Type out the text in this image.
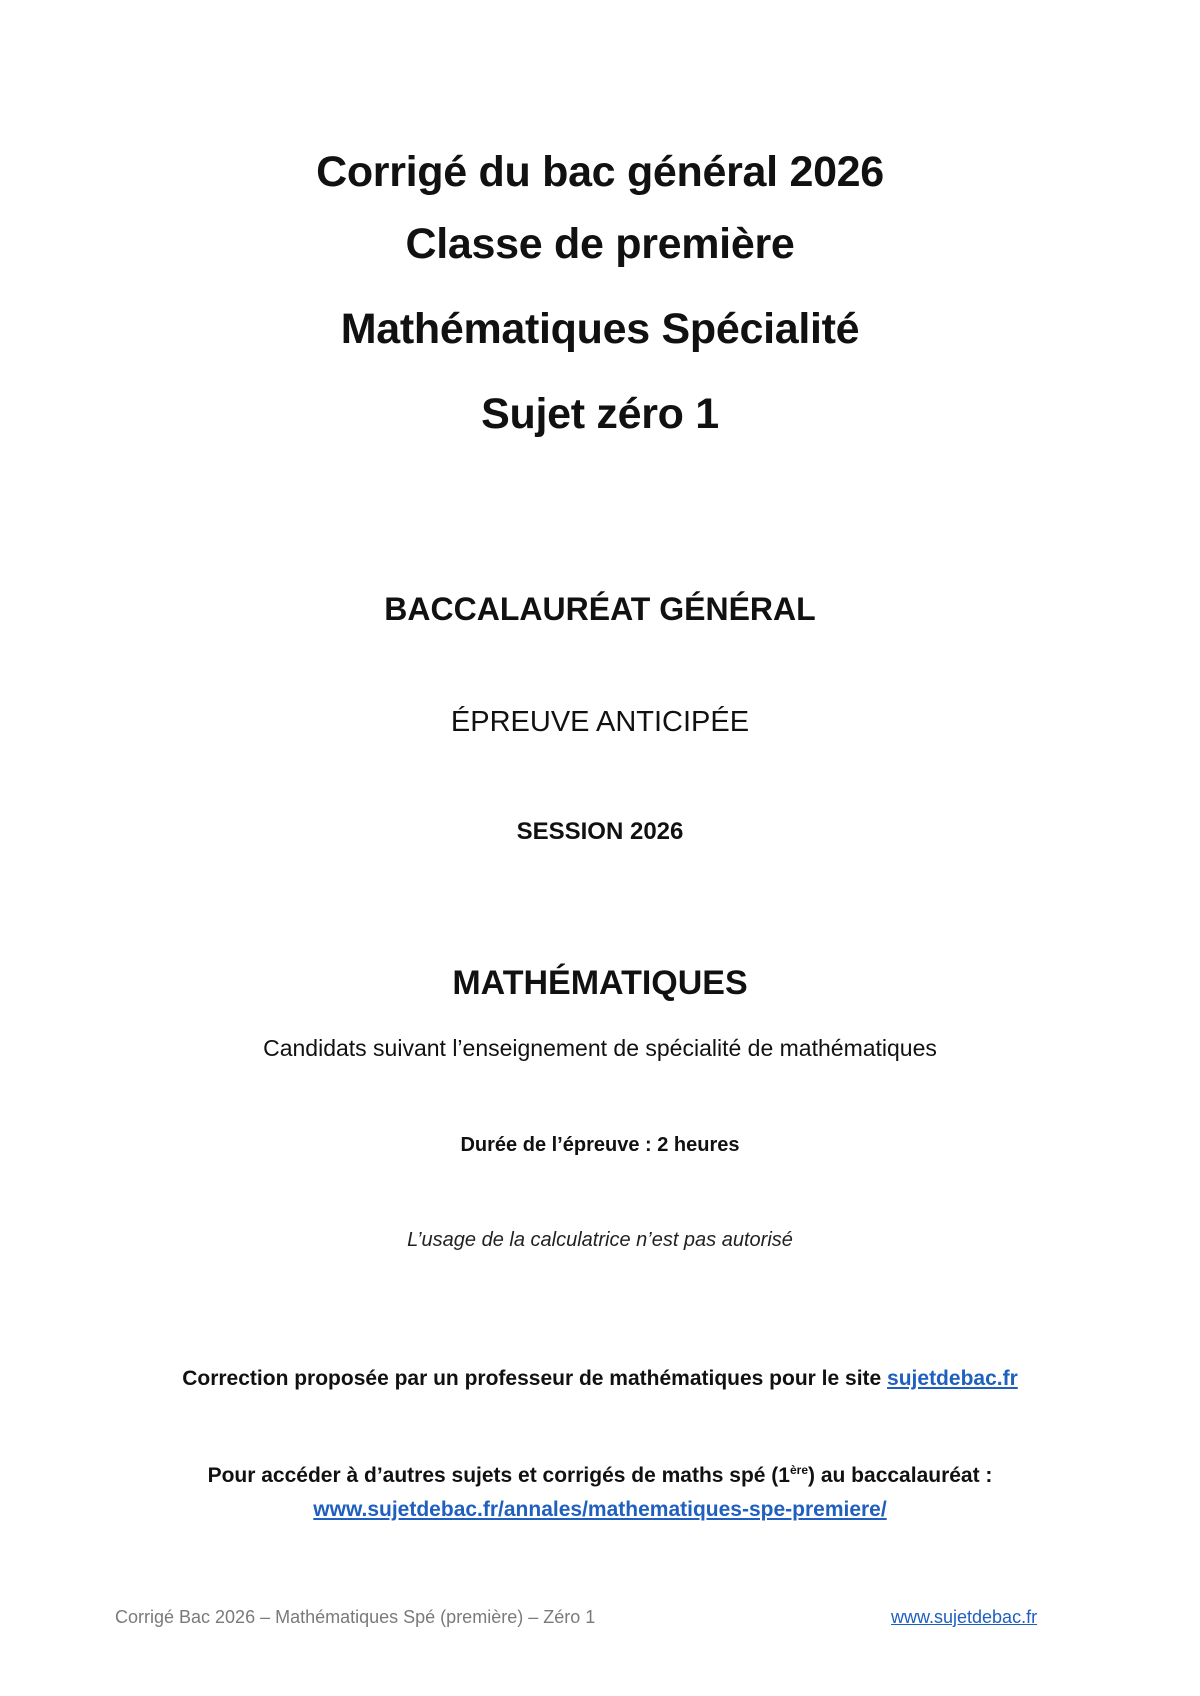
Corrigé du bac général 2026
Classe de première
Mathématiques Spécialité
Sujet zéro 1
BACCALAURÉAT GÉNÉRAL
ÉPREUVE ANTICIPÉE
SESSION 2026
MATHÉMATIQUES
Candidats suivant l’enseignement de spécialité de mathématiques
Durée de l’épreuve : 2 heures
L’usage de la calculatrice n’est pas autorisé
Correction proposée par un professeur de mathématiques pour le site sujetdebac.fr
Pour accéder à d’autres sujets et corrigés de maths spé (1ère) au baccalauréat :
www.sujetdebac.fr/annales/mathematiques-spe-premiere/
Corrigé Bac 2026 – Mathématiques Spé (première) – Zéro 1	www.sujetdebac.fr
